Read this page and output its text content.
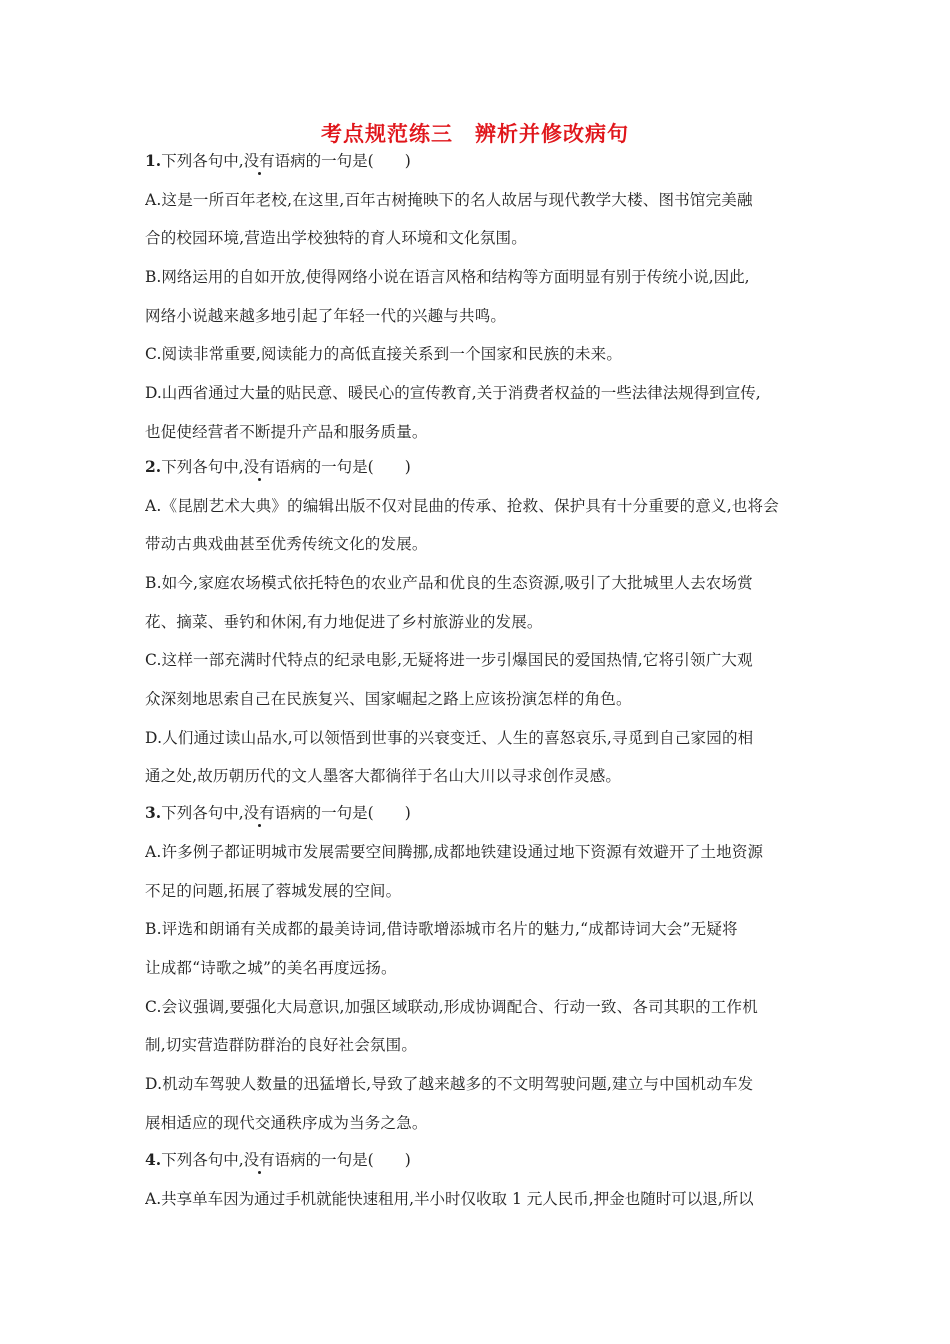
考点规范练三　辨析并修改病句
1.下列各句中,没有语病的一句是(　　)
A.这是一所百年老校,在这里,百年古树掩映下的名人故居与现代教学大楼、图书馆完美融
合的校园环境,营造出学校独特的育人环境和文化氛围。
B.网络运用的自如开放,使得网络小说在语言风格和结构等方面明显有别于传统小说,因此,
网络小说越来越多地引起了年轻一代的兴趣与共鸣。
C.阅读非常重要,阅读能力的高低直接关系到一个国家和民族的未来。
D.山西省通过大量的贴民意、暖民心的宣传教育,关于消费者权益的一些法律法规得到宣传,
也促使经营者不断提升产品和服务质量。
2.下列各句中,没有语病的一句是(　　)
A.《昆剧艺术大典》的编辑出版不仅对昆曲的传承、抢救、保护具有十分重要的意义,也将会
带动古典戏曲甚至优秀传统文化的发展。
B.如今,家庭农场模式依托特色的农业产品和优良的生态资源,吸引了大批城里人去农场赏
花、摘菜、垂钓和休闲,有力地促进了乡村旅游业的发展。
C.这样一部充满时代特点的纪录电影,无疑将进一步引爆国民的爱国热情,它将引领广大观
众深刻地思索自己在民族复兴、国家崛起之路上应该扮演怎样的角色。
D.人们通过读山品水,可以领悟到世事的兴衰变迁、人生的喜怒哀乐,寻觅到自己家园的相
通之处,故历朝历代的文人墨客大都徜徉于名山大川以寻求创作灵感。
3.下列各句中,没有语病的一句是(　　)
A.许多例子都证明城市发展需要空间腾挪,成都地铁建设通过地下资源有效避开了土地资源
不足的问题,拓展了蓉城发展的空间。
B.评选和朗诵有关成都的最美诗词,借诗歌增添城市名片的魅力,“成都诗词大会”无疑将
让成都“诗歌之城”的美名再度远扬。
C.会议强调,要强化大局意识,加强区域联动,形成协调配合、行动一致、各司其职的工作机
制,切实营造群防群治的良好社会氛围。
D.机动车驾驶人数量的迅猛增长,导致了越来越多的不文明驾驶问题,建立与中国机动车发
展相适应的现代交通秩序成为当务之急。
4.下列各句中,没有语病的一句是(　　)
A.共享单车因为通过手机就能快速租用,半小时仅收取 1 元人民币,押金也随时可以退,所以
